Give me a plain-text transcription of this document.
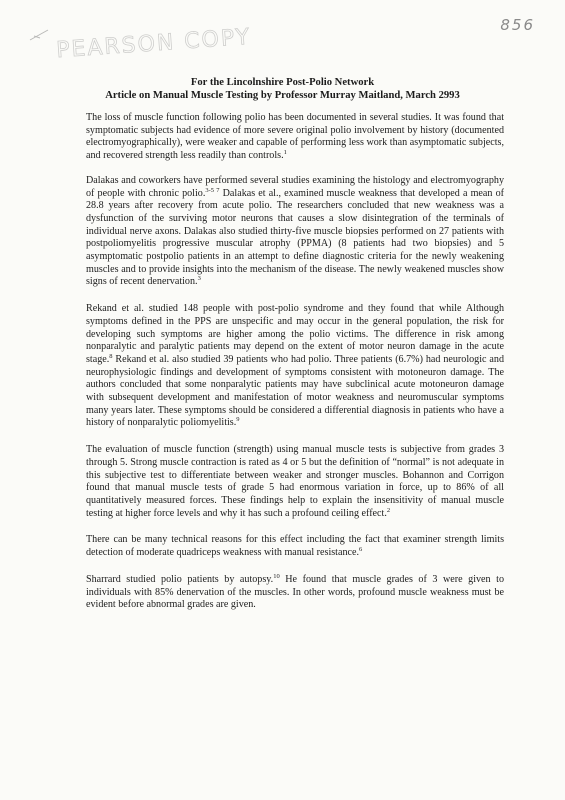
PEARSON COPY	856
For the Lincolnshire Post-Polio Network
Article on Manual Muscle Testing by Professor Murray Maitland, March 2993

The loss of muscle function following polio has been documented in several studies. It was found that symptomatic subjects had evidence of more severe original polio involvement by history (documented electromyographically), were weaker and capable of performing less work than asymptomatic subjects, and recovered strength less readily than controls.$^1$

Dalakas and coworkers have performed several studies examining the histology and electromyography of people with chronic polio.$^{3-5 7}$ Dalakas et al., examined muscle weakness that developed a mean of 28.8 years after recovery from acute polio. The researchers concluded that new weakness was a dysfunction of the surviving motor neurons that causes a slow disintegration of the terminals of individual nerve axons. Dalakas also studied thirty-five muscle biopsies performed on 27 patients with postpoliomyelitis progressive muscular atrophy (PPMA) (8 patients had two biopsies) and 5 asymptomatic postpolio patients in an attempt to define diagnostic criteria for the newly weakening muscles and to provide insights into the mechanism of the disease. The newly weakened muscles show signs of recent denervation.$^3$

Rekand et al. studied 148 people with post-polio syndrome and they found that while Although symptoms defined in the PPS are unspecific and may occur in the general population, the risk for developing such symptoms are higher among the polio victims. The difference in risk among nonparalytic and paralytic patients may depend on the extent of motor neuron damage in the acute stage.$^8$ Rekand et al. also studied 39 patients who had polio. Three patients (6.7%) had neurologic and neurophysiologic findings and development of symptoms consistent with motoneuron damage. The authors concluded that some nonparalytic patients may have subclinical acute motoneuron damage with subsequent development and manifestation of motor weakness and neuromuscular symptoms many years later. These symptoms should be considered a differential diagnosis in patients who have a history of nonparalytic poliomyelitis.$^9$

The evaluation of muscle function (strength) using manual muscle tests is subjective from grades 3 through 5. Strong muscle contraction is rated as 4 or 5 but the definition of “normal” is not adequate in this subjective test to differentiate between weaker and stronger muscles. Bohannon and Corrigon found that manual muscle tests of grade 5 had enormous variation in force, up to 86% of all quantitatively measured forces. These findings help to explain the insensitivity of manual muscle testing at higher force levels and why it has such a profound ceiling effect.$^2$

There can be many technical reasons for this effect including the fact that examiner strength limits detection of moderate quadriceps weakness with manual resistance.$^6$

Sharrard studied polio patients by autopsy.$^{10}$ He found that muscle grades of 3 were given to individuals with 85% denervation of the muscles. In other words, profound muscle weakness must be evident before abnormal grades are given.
